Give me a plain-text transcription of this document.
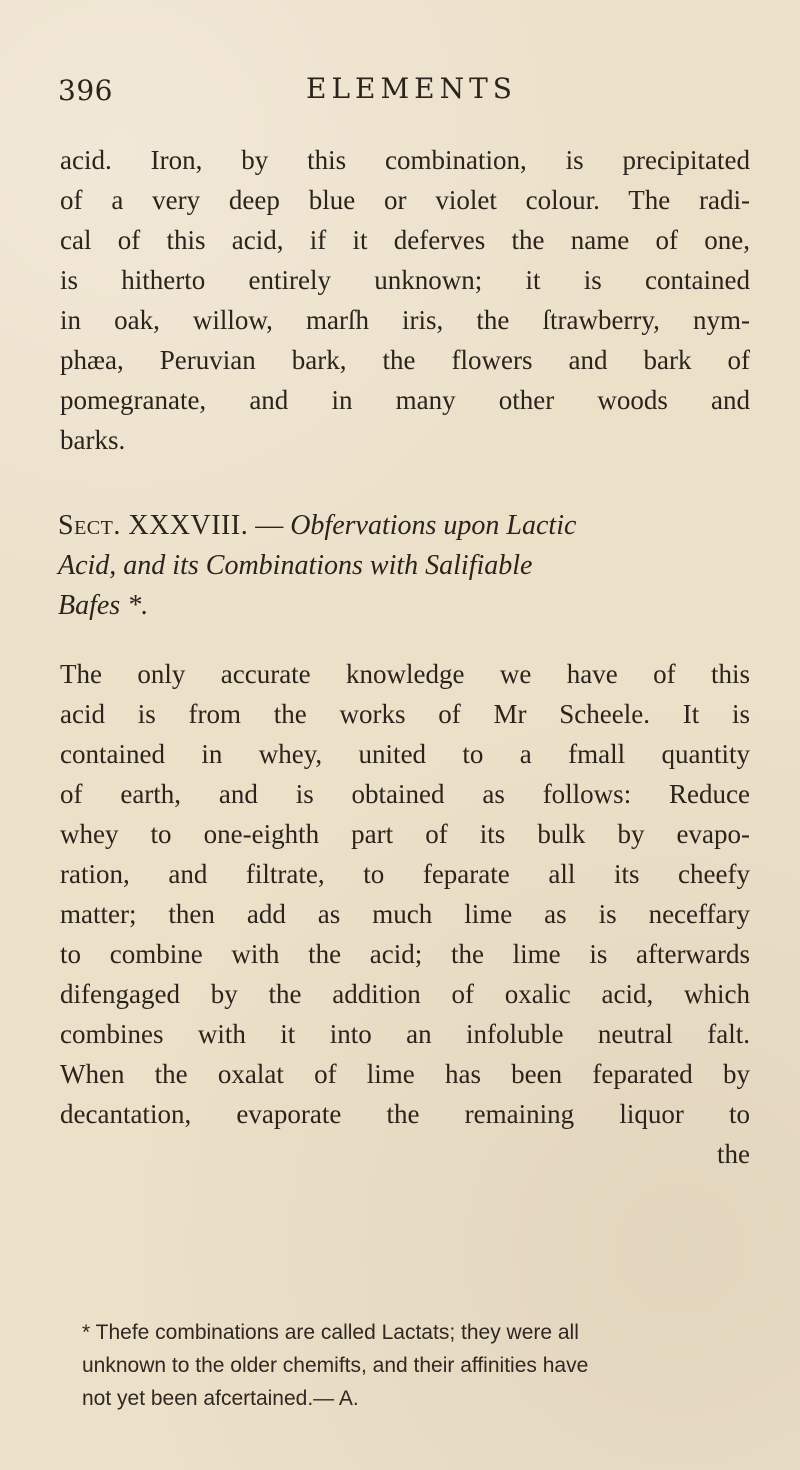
396	ELEMENTS
acid. Iron, by this combination, is precipitated
of a very deep blue or violet colour. The radi-
cal of this acid, if it deferves the name of one,
is hitherto entirely unknown; it is contained
in oak, willow, marſh iris, the ſtrawberry, nym-
phæa, Peruvian bark, the flowers and bark of
pomegranate, and in many other woods and
barks.
Sect. XXXVIII. — Obfervations upon Lactic
Acid, and its Combinations with Salifiable
Bafes *.
The only accurate knowledge we have of this
acid is from the works of Mr Scheele. It is
contained in whey, united to a fmall quantity
of earth, and is obtained as follows: Reduce
whey to one-eighth part of its bulk by evapo-
ration, and filtrate, to feparate all its cheefy
matter; then add as much lime as is neceffary
to combine with the acid; the lime is afterwards
difengaged by the addition of oxalic acid, which
combines with it into an infoluble neutral falt.
When the oxalat of lime has been feparated by
decantation, evaporate the remaining liquor to
the
* Thefe combinations are called Lactats; they were all
unknown to the older chemifts, and their affinities have
not yet been afcertained.— A.
